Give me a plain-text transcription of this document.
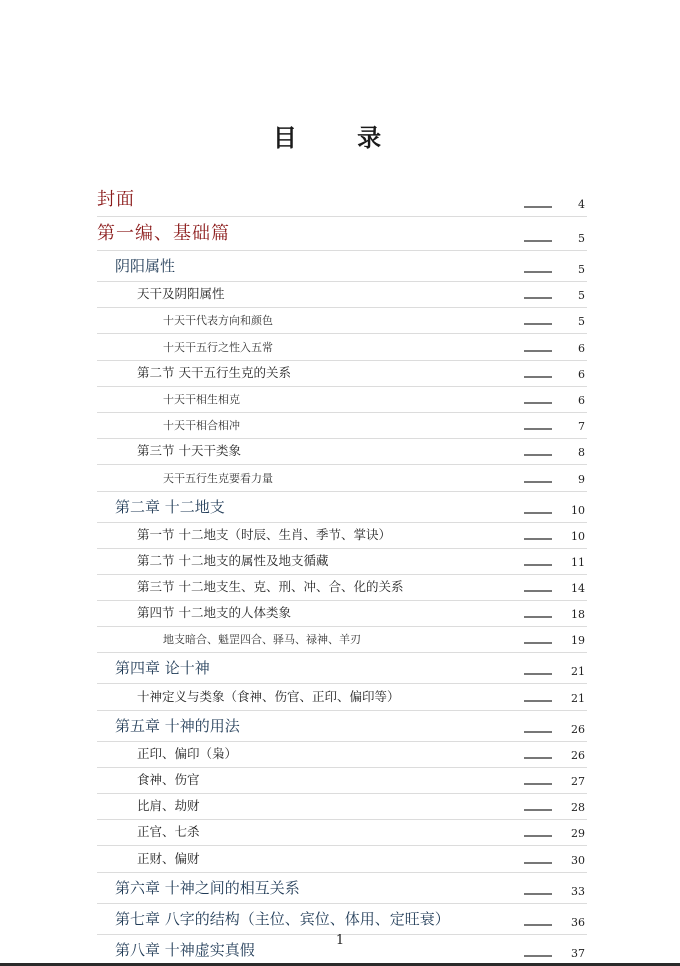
目 录
封面	4
第一编、基础篇	5
阴阳属性	5
天干及阴阳属性	5
十天干代表方向和颜色	5
十天干五行之性入五常	6
第二节 天干五行生克的关系	6
十天干相生相克	6
十天干相合相冲	7
第三节 十天干类象	8
天干五行生克要看力量	9
第二章 十二地支	10
第一节 十二地支（时辰、生肖、季节、掌诀）	10
第二节 十二地支的属性及地支循藏	11
第三节 十二地支生、克、刑、冲、合、化的关系	14
第四节 十二地支的人体类象	18
地支暗合、魁罡四合、驿马、禄神、羊刃	19
第四章 论十神	21
十神定义与类象（食神、伤官、正印、偏印等）	21
第五章 十神的用法	26
正印、偏印（枭）	26
食神、伤官	27
比肩、劫财	28
正官、七杀	29
正财、偏财	30
第六章 十神之间的相互关系	33
第七章 八字的结构（主位、宾位、体用、定旺衰）	36
第八章 十神虚实真假	37
1
